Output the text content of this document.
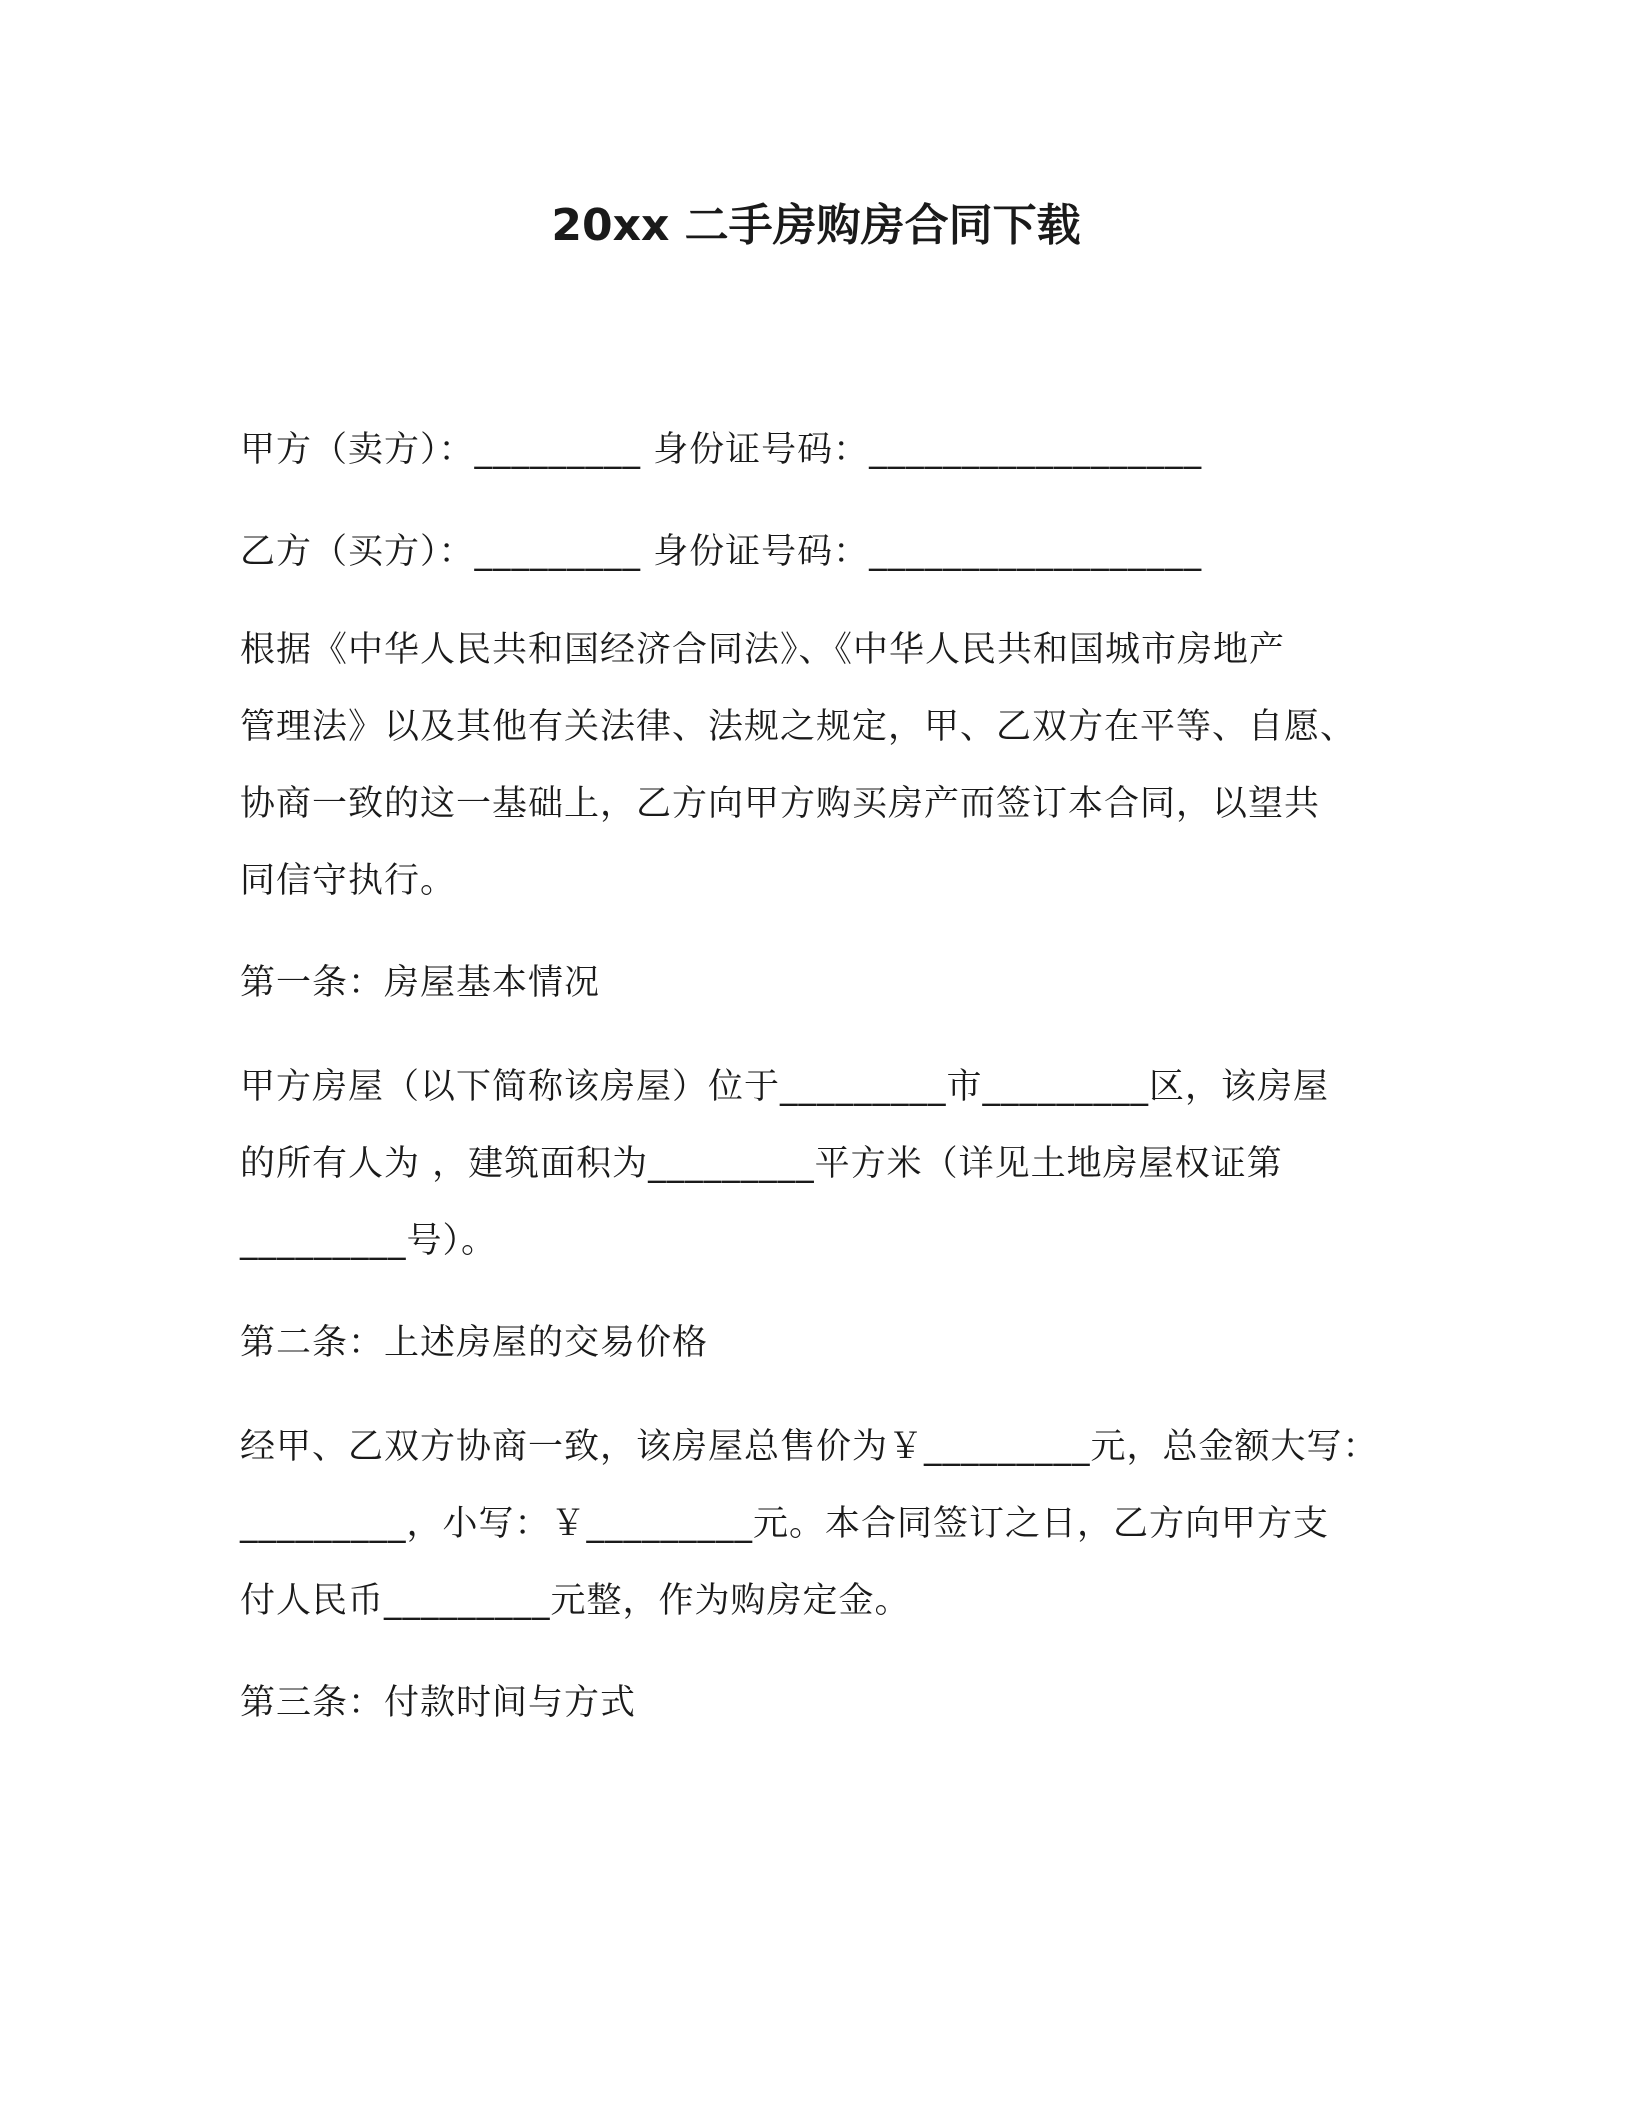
20xx 二手房购房合同下载
甲方（卖方）：_________ 身份证号码：__________________
乙方（买方）：_________ 身份证号码：__________________
根据《中华人民共和国经济合同法》、《中华人民共和国城市房地产
管理法》以及其他有关法律、法规之规定，甲、乙双方在平等、自愿、
协商一致的这一基础上，乙方向甲方购买房产而签订本合同，以望共
同信守执行。
第一条：房屋基本情况
甲方房屋（以下简称该房屋）位于_________市_________区，该房屋
的所有人为 ，建筑面积为_________平方米（详见土地房屋权证第
_________号）。
第二条：上述房屋的交易价格
经甲、乙双方协商一致，该房屋总售价为￥_________元，总金额大写：
_________，小写：￥_________元。本合同签订之日，乙方向甲方支
付人民币_________元整，作为购房定金。
第三条：付款时间与方式
